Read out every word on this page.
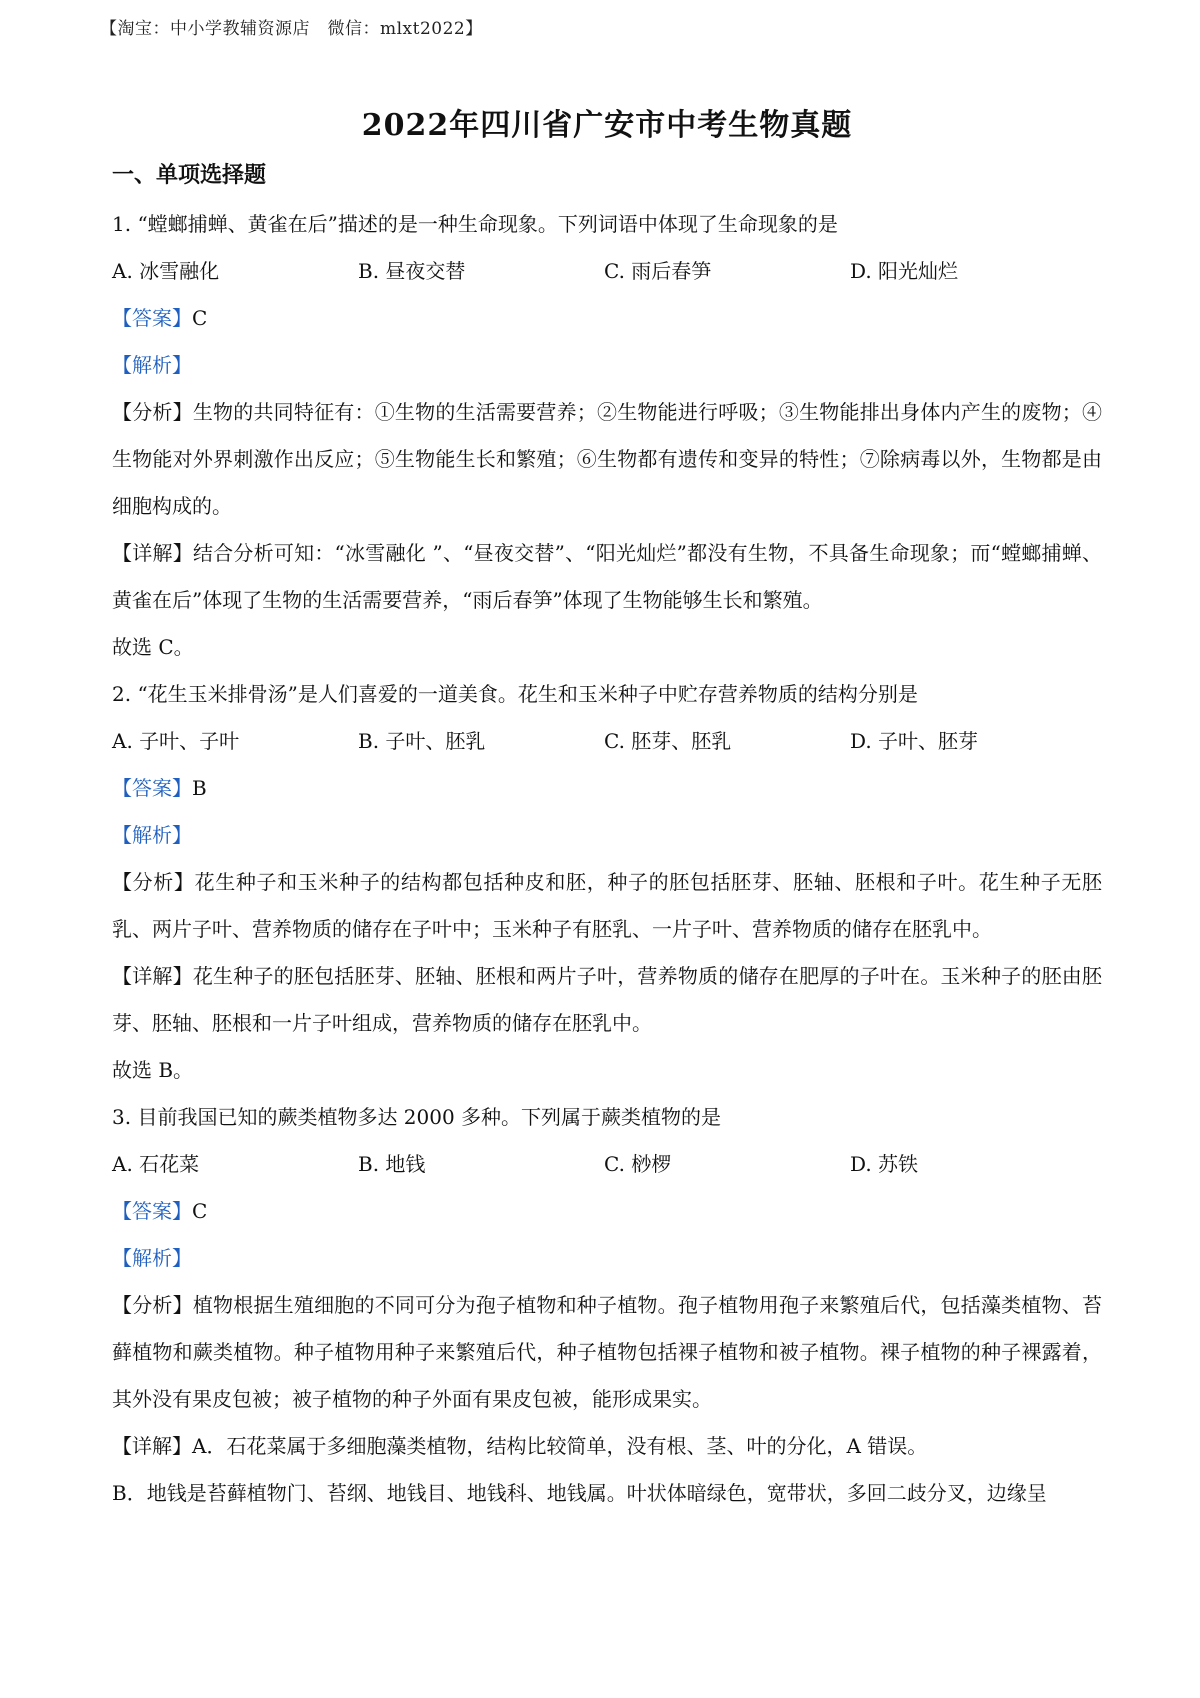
【淘宝：中小学教辅资源店　微信：mlxt2022】
2022年四川省广安市中考生物真题
一、单项选择题

1. “螳螂捕蝉、黄雀在后”描述的是一种生命现象。下列词语中体现了生命现象的是

A. 冰雪融化	B. 昼夜交替	C. 雨后春笋	D. 阳光灿烂

【答案】C

【解析】

【分析】生物的共同特征有：①生物的生活需要营养；②生物能进行呼吸；③生物能排出身体内产生的废物；④生物能对外界刺激作出反应；⑤生物能生长和繁殖；⑥生物都有遗传和变异的特性；⑦除病毒以外，生物都是由细胞构成的。

【详解】结合分析可知：“冰雪融化 ”、“昼夜交替”、“阳光灿烂”都没有生物，不具备生命现象；而“螳螂捕蝉、黄雀在后”体现了生物的生活需要营养，“雨后春笋”体现了生物能够生长和繁殖。

故选 C。

2. “花生玉米排骨汤”是人们喜爱的一道美食。花生和玉米种子中贮存营养物质的结构分别是

A. 子叶、子叶	B. 子叶、胚乳	C. 胚芽、胚乳	D. 子叶、胚芽

【答案】B

【解析】

【分析】花生种子和玉米种子的结构都包括种皮和胚，种子的胚包括胚芽、胚轴、胚根和子叶。花生种子无胚乳、两片子叶、营养物质的储存在子叶中；玉米种子有胚乳、一片子叶、营养物质的储存在胚乳中。

【详解】花生种子的胚包括胚芽、胚轴、胚根和两片子叶，营养物质的储存在肥厚的子叶在。玉米种子的胚由胚芽、胚轴、胚根和一片子叶组成，营养物质的储存在胚乳中。

故选 B。

3. 目前我国已知的蕨类植物多达 2000 多种。下列属于蕨类植物的是

A. 石花菜	B. 地钱	C. 桫椤	D. 苏铁

【答案】C

【解析】

【分析】植物根据生殖细胞的不同可分为孢子植物和种子植物。孢子植物用孢子来繁殖后代，包括藻类植物、苔藓植物和蕨类植物。种子植物用种子来繁殖后代，种子植物包括裸子植物和被子植物。裸子植物的种子裸露着，其外没有果皮包被；被子植物的种子外面有果皮包被，能形成果实。

【详解】A．石花菜属于多细胞藻类植物，结构比较简单，没有根、茎、叶的分化，A 错误。

B．地钱是苔藓植物门、苔纲、地钱目、地钱科、地钱属。叶状体暗绿色，宽带状，多回二歧分叉，边缘呈
